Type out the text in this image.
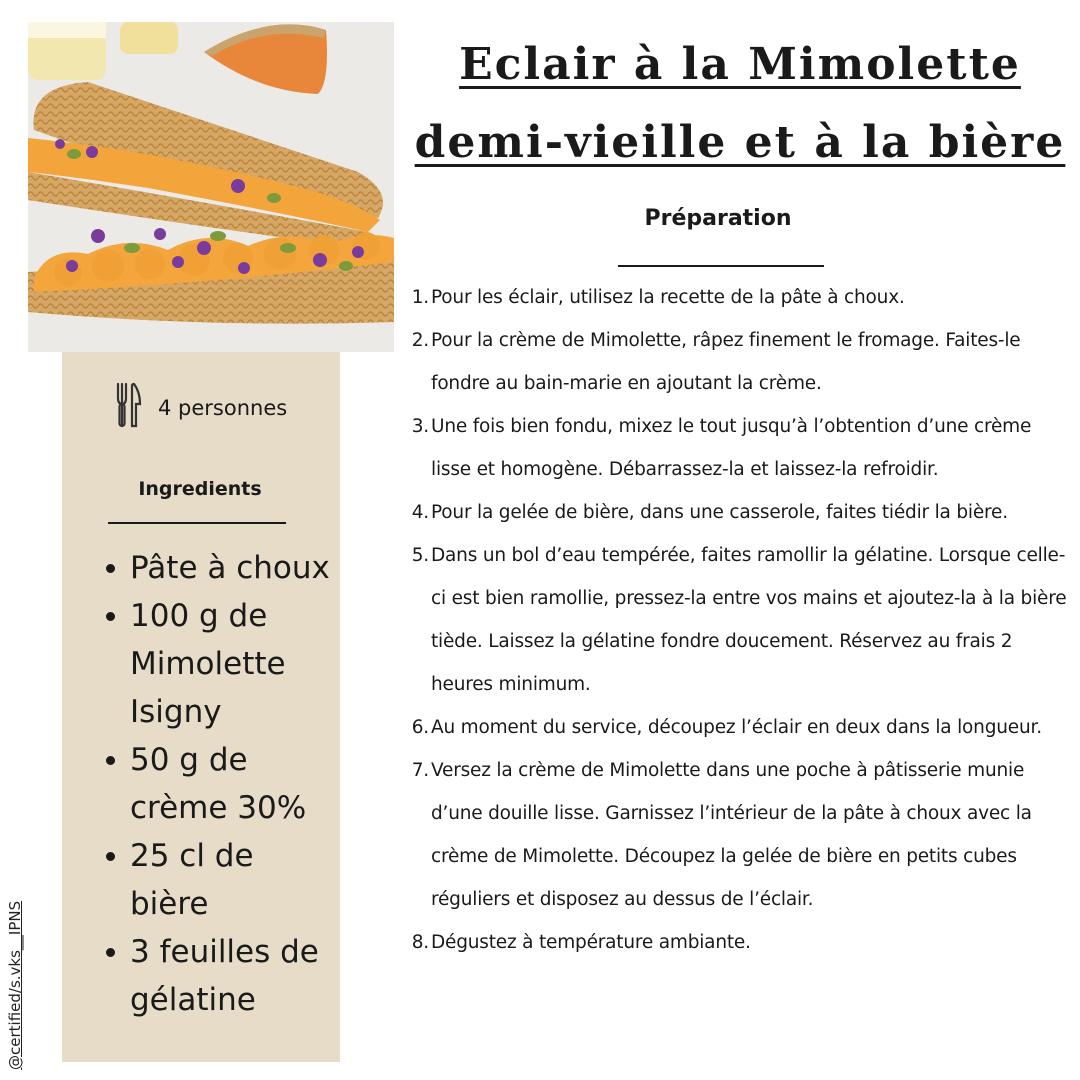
4 personnes
Ingredients
Pâte à choux
100 g de Mimolette Isigny
50 g de crème 30%
25 cl de bière
3 feuilles de gélatine
Eclair à la Mimolette
demi-vieille et à la bière
Préparation
1. Pour les éclair, utilisez la recette de la pâte à choux.
2. Pour la crème de Mimolette, râpez finement le fromage. Faites-le fondre au bain-marie en ajoutant la crème.
3. Une fois bien fondu, mixez le tout jusqu’à l’obtention d’une crème lisse et homogène. Débarrassez-la et laissez-la refroidir.
4. Pour la gelée de bière, dans une casserole, faites tiédir la bière.
5. Dans un bol d’eau tempérée, faites ramollir la gélatine. Lorsque celle-ci est bien ramollie, pressez-la entre vos mains et ajoutez-la à la bière tiède. Laissez la gélatine fondre doucement. Réservez au frais 2 heures minimum.
6. Au moment du service, découpez l’éclair en deux dans la longueur.
7. Versez la crème de Mimolette dans une poche à pâtisserie munie d’une douille lisse. Garnissez l’intérieur de la pâte à choux avec la crème de Mimolette. Découpez la gelée de bière en petits cubes réguliers et disposez au dessus de l’éclair.
8. Dégustez à température ambiante.
@certified/s.vks__IPNS
